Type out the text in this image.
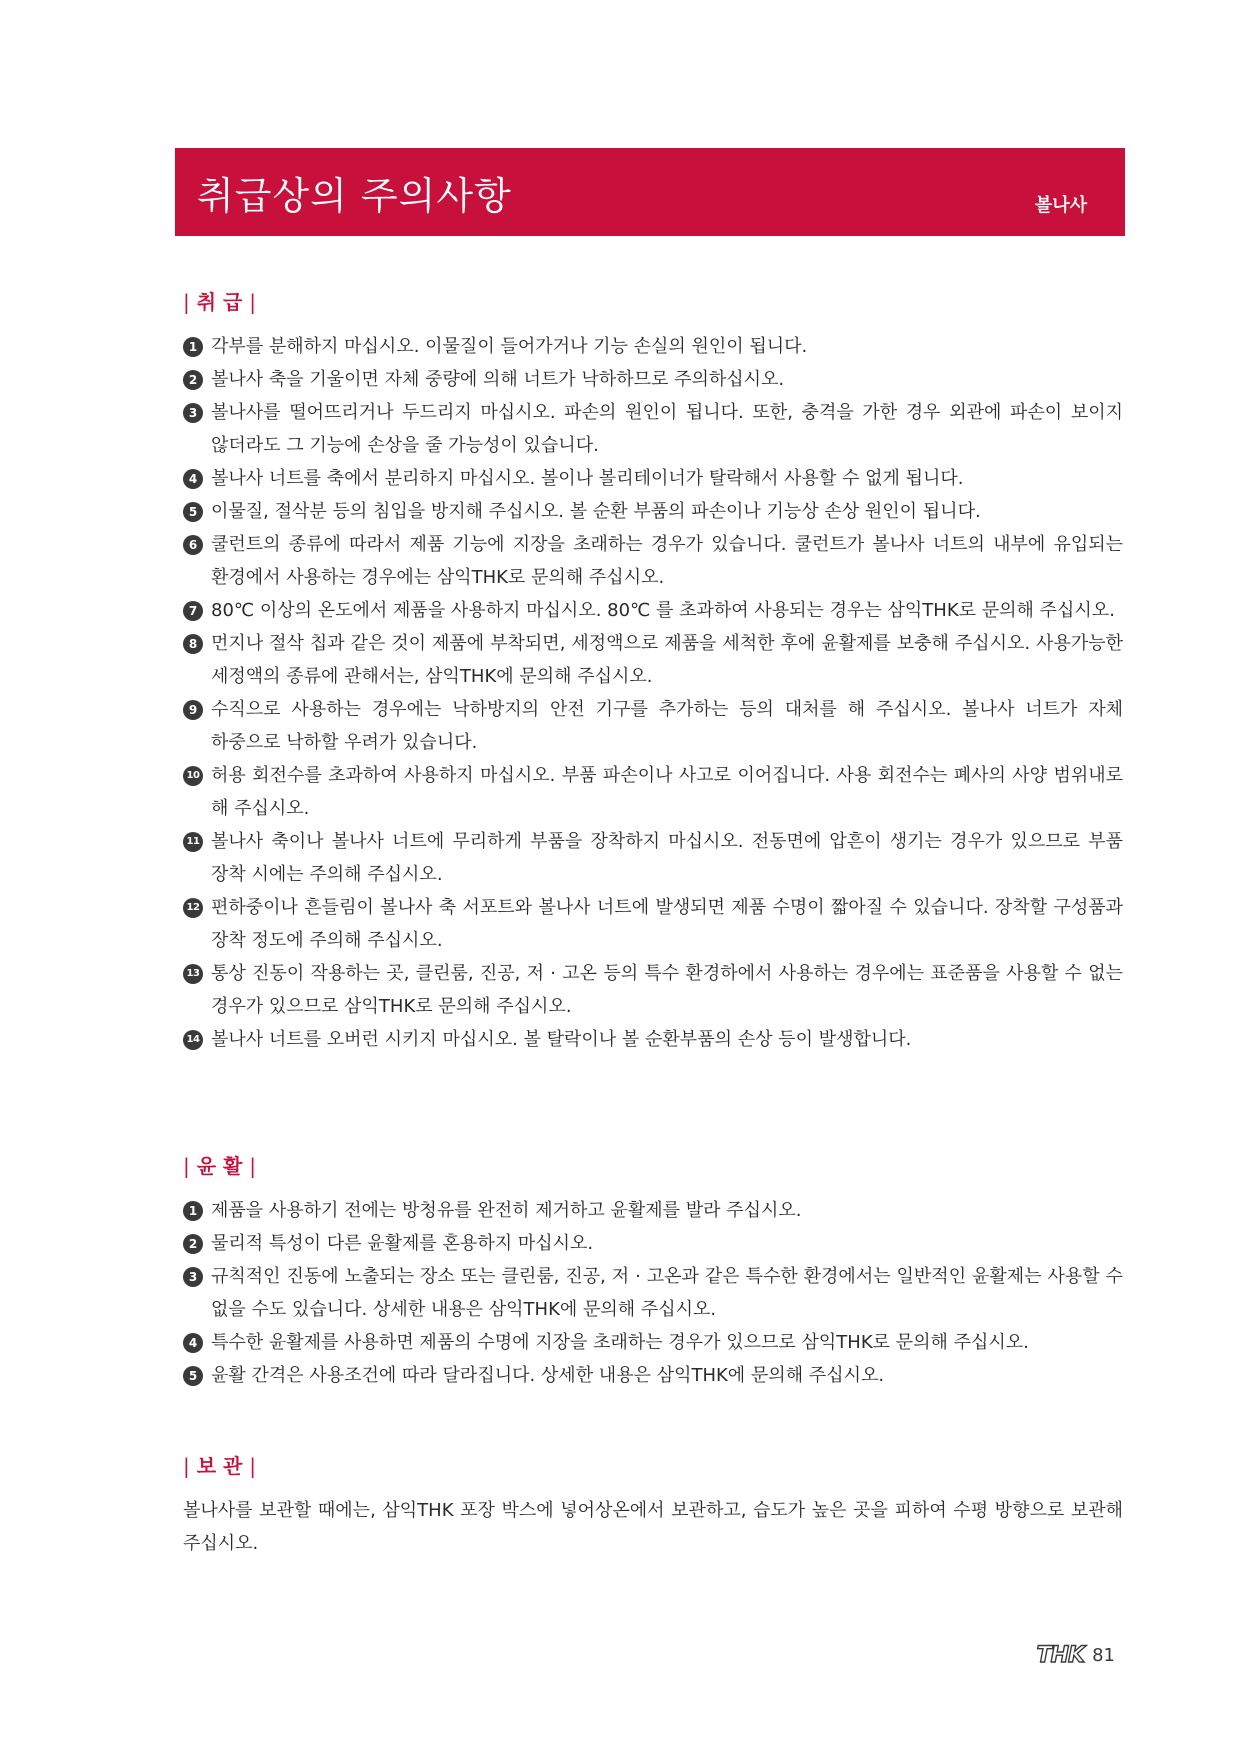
취급상의 주의사항	볼나사
| 취 급 |
1 각부를 분해하지 마십시오. 이물질이 들어가거나 기능 손실의 원인이 됩니다.
2 볼나사 축을 기울이면 자체 중량에 의해 너트가 낙하하므로 주의하십시오.
3 볼나사를 떨어뜨리거나 두드리지 마십시오. 파손의 원인이 됩니다. 또한, 충격을 가한 경우 외관에 파손이 보이지 않더라도 그 기능에 손상을 줄 가능성이 있습니다.
4 볼나사 너트를 축에서 분리하지 마십시오. 볼이나 볼리테이너가 탈락해서 사용할 수 없게 됩니다.
5 이물질, 절삭분 등의 침입을 방지해 주십시오. 볼 순환 부품의 파손이나 기능상 손상 원인이 됩니다.
6 쿨런트의 종류에 따라서 제품 기능에 지장을 초래하는 경우가 있습니다. 쿨런트가 볼나사 너트의 내부에 유입되는 환경에서 사용하는 경우에는 삼익THK로 문의해 주십시오.
7 80℃ 이상의 온도에서 제품을 사용하지 마십시오. 80℃ 를 초과하여 사용되는 경우는 삼익THK로 문의해 주십시오.
8 먼지나 절삭 칩과 같은 것이 제품에 부착되면, 세정액으로 제품을 세척한 후에 윤활제를 보충해 주십시오. 사용가능한 세정액의 종류에 관해서는, 삼익THK에 문의해 주십시오.
9 수직으로 사용하는 경우에는 낙하방지의 안전 기구를 추가하는 등의 대처를 해 주십시오. 볼나사 너트가 자체 하중으로 낙하할 우려가 있습니다.
10 허용 회전수를 초과하여 사용하지 마십시오. 부품 파손이나 사고로 이어집니다. 사용 회전수는 폐사의 사양 범위내로 해 주십시오.
11 볼나사 축이나 볼나사 너트에 무리하게 부품을 장착하지 마십시오. 전동면에 압흔이 생기는 경우가 있으므로 부품 장착 시에는 주의해 주십시오.
12 편하중이나 흔들림이 볼나사 축 서포트와 볼나사 너트에 발생되면 제품 수명이 짧아질 수 있습니다. 장착할 구성품과 장착 정도에 주의해 주십시오.
13 통상 진동이 작용하는 곳, 클린룸, 진공, 저 · 고온 등의 특수 환경하에서 사용하는 경우에는 표준품을 사용할 수 없는 경우가 있으므로 삼익THK로 문의해 주십시오.
14 볼나사 너트를 오버런 시키지 마십시오. 볼 탈락이나 볼 순환부품의 손상 등이 발생합니다.
| 윤 활 |
1 제품을 사용하기 전에는 방청유를 완전히 제거하고 윤활제를 발라 주십시오.
2 물리적 특성이 다른 윤활제를 혼용하지 마십시오.
3 규칙적인 진동에 노출되는 장소 또는 클린룸, 진공, 저 · 고온과 같은 특수한 환경에서는 일반적인 윤활제는 사용할 수 없을 수도 있습니다. 상세한 내용은 삼익THK에 문의해 주십시오.
4 특수한 윤활제를 사용하면 제품의 수명에 지장을 초래하는 경우가 있으므로 삼익THK로 문의해 주십시오.
5 윤활 간격은 사용조건에 따라 달라집니다. 상세한 내용은 삼익THK에 문의해 주십시오.
| 보 관 |

볼나사를 보관할 때에는, 삼익THK 포장 박스에 넣어상온에서 보관하고, 습도가 높은 곳을 피하여 수평 방향으로 보관해 주십시오.

THK 81
